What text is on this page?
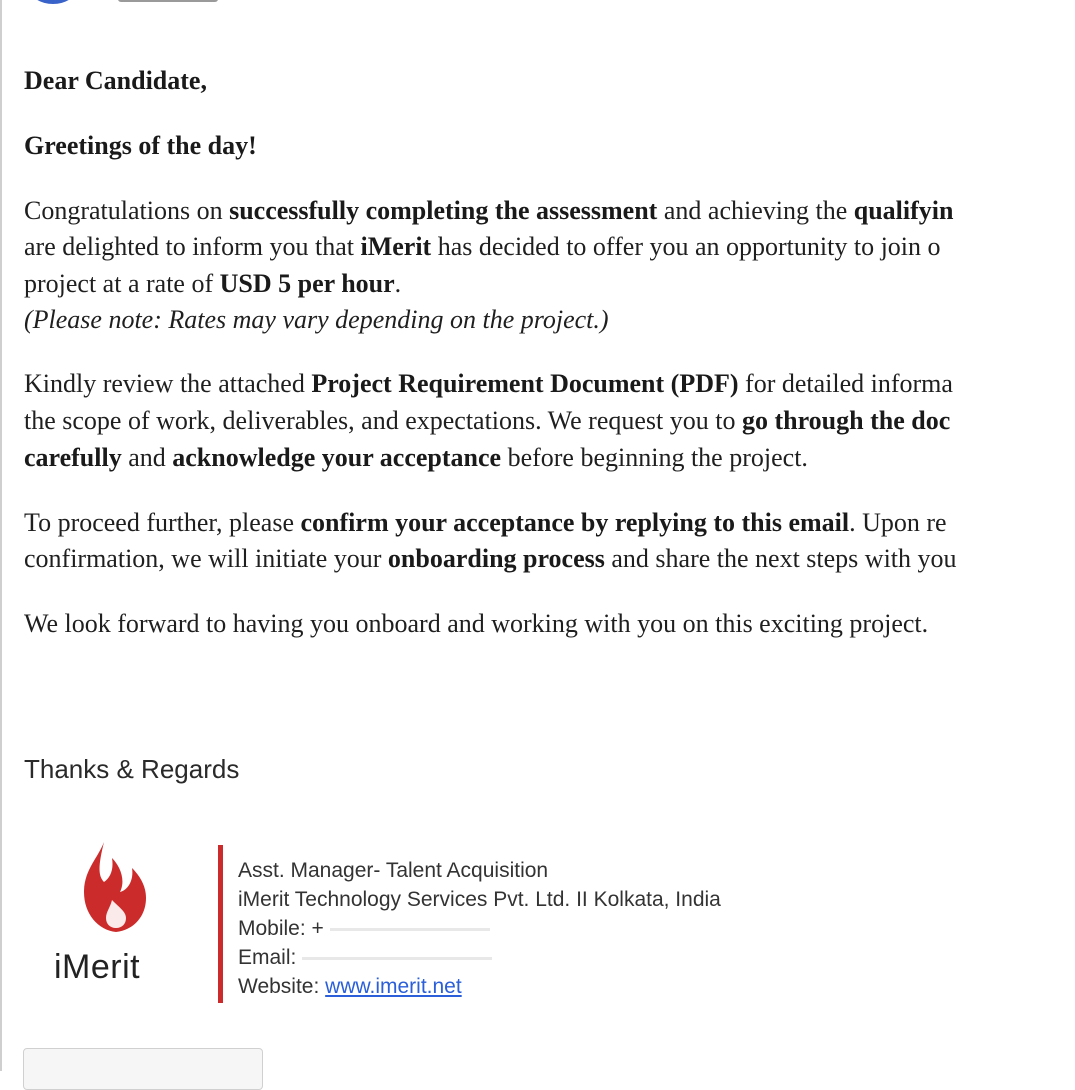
Dear Candidate,
Greetings of the day!
Congratulations on successfully completing the assessment and achieving the qualifyin
are delighted to inform you that iMerit has decided to offer you an opportunity to join o
project at a rate of USD 5 per hour.
(Please note: Rates may vary depending on the project.)
Kindly review the attached Project Requirement Document (PDF) for detailed informa
the scope of work, deliverables, and expectations. We request you to go through the doc
carefully and acknowledge your acceptance before beginning the project.
To proceed further, please confirm your acceptance by replying to this email. Upon re
confirmation, we will initiate your onboarding process and share the next steps with you
We look forward to having you onboard and working with you on this exciting project.
Thanks & Regards
iMerit
Asst. Manager- Talent Acquisition
iMerit Technology Services Pvt. Ltd. II Kolkata, India
Mobile: +
Email:
Website: www.imerit.net
